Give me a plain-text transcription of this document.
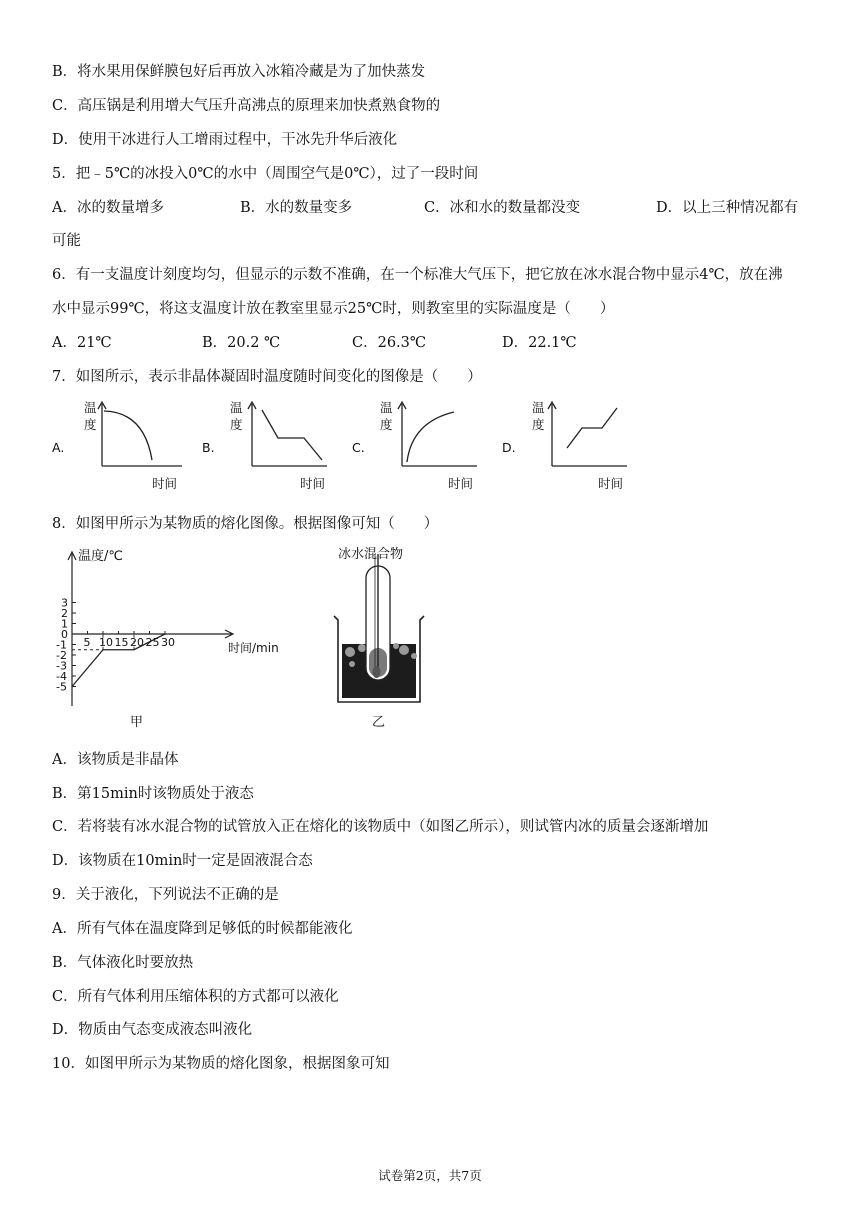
B．将水果用保鲜膜包好后再放入冰箱冷藏是为了加快蒸发
C．高压锅是利用增大气压升高沸点的原理来加快煮熟食物的
D．使用干冰进行人工增雨过程中，干冰先升华后液化
5．把﹣5℃的冰投入0℃的水中（周围空气是0℃），过了一段时间
A．冰的数量增多	B．水的数量变多	C．冰和水的数量都没变	D．以上三种情况都有
可能
6．有一支温度计刻度均匀，但显示的示数不准确，在一个标准大气压下，把它放在冰水混合物中显示4℃，放在沸
水中显示99℃，将这支温度计放在教室里显示25℃时，则教室里的实际温度是（　　）
A．21℃	B．20.2 ℃	C．26.3℃	D．22.1℃
7．如图所示，表示非晶体凝固时温度随时间变化的图像是（　　）
A.	B.	C.	D.
温
度
时间
温
度
时间
温
度
时间
温
度
时间
8．如图甲所示为某物质的熔化图像。根据图像可知（　　）
5 10 15 20 25 30
3
2
1
0
-1
-2
-3
-4
-5
温度/℃
时间/min
甲
冰水混合物
乙
A．该物质是非晶体
B．第15min时该物质处于液态
C．若将装有冰水混合物的试管放入正在熔化的该物质中（如图乙所示），则试管内冰的质量会逐渐增加
D．该物质在10min时一定是固液混合态
9．关于液化，下列说法不正确的是
A．所有气体在温度降到足够低的时候都能液化
B．气体液化时要放热
C．所有气体利用压缩体积的方式都可以液化
D．物质由气态变成液态叫液化
10．如图甲所示为某物质的熔化图象，根据图象可知
试卷第2页，共7页
